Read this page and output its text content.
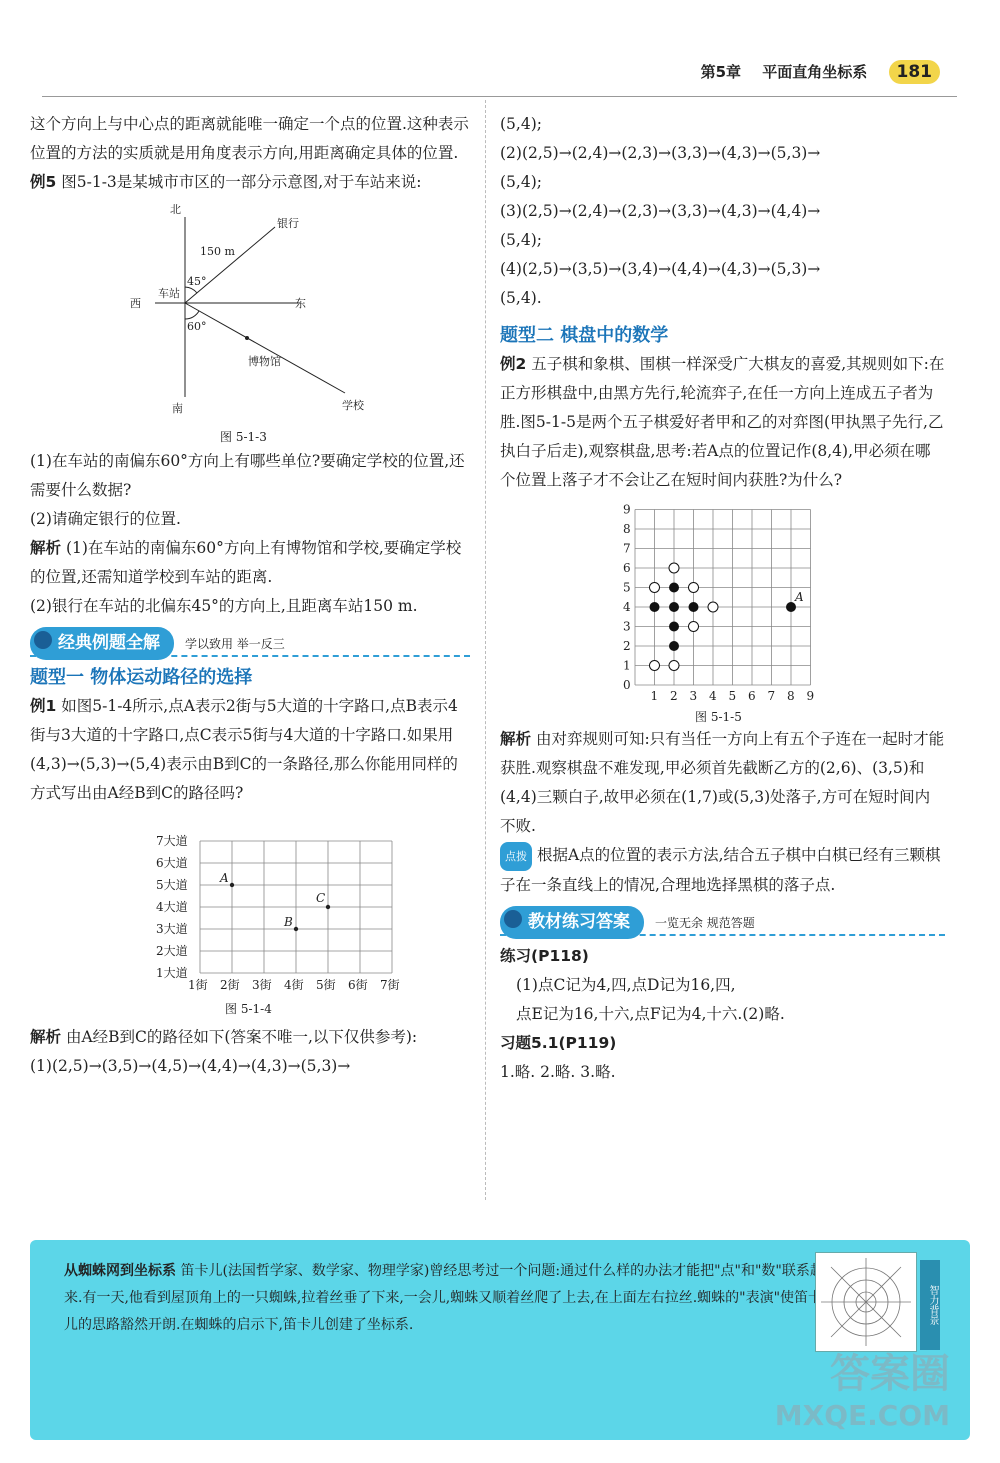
第5章 平面直角坐标系 181

这个方向上与中心点的距离就能唯一确定一个点的位置.这种表示位置的方法的实质就是用角度表示方向,用距离确定具体的位置.

例5 图5-1-3是某城市市区的一部分示意图,对于车站来说:

北
南
西	东
车站
银行
150 m
45°
60°
博物馆
学校
图 5-1-3

(1)在车站的南偏东60°方向上有哪些单位?要确定学校的位置,还需要什么数据?

(2)请确定银行的位置.

解析 (1)在车站的南偏东60°方向上有博物馆和学校,要确定学校的位置,还需知道学校到车站的距离.

(2)银行在车站的北偏东45°的方向上,且距离车站150 m.

经典例题全解 学以致用 举一反三

题型一 物体运动路径的选择

例1 如图5-1-4所示,点A表示2街与5大道的十字路口,点B表示4街与3大道的十字路口,点C表示5街与4大道的十字路口.如果用(4,3)→(5,3)→(5,4)表示由B到C的一条路径,那么你能用同样的方式写出由A经B到C的路径吗?

1大道
1街
2大道
2街
3大道
3街
4大道
4街
5大道
5街
6大道
6街
7大道
7街
A
B
C
图 5-1-4

解析 由A经B到C的路径如下(答案不唯一,以下仅供参考):

(1)(2,5)→(3,5)→(4,5)→(4,4)→(4,3)→(5,3)→

(5,4);

(2)(2,5)→(2,4)→(2,3)→(3,3)→(4,3)→(5,3)→

(5,4);

(3)(2,5)→(2,4)→(2,3)→(3,3)→(4,3)→(4,4)→

(5,4);

(4)(2,5)→(3,5)→(3,4)→(4,4)→(4,3)→(5,3)→

(5,4).

题型二 棋盘中的数学

例2 五子棋和象棋、围棋一样深受广大棋友的喜爱,其规则如下:在正方形棋盘中,由黑方先行,轮流弈子,在任一方向上连成五子者为胜.图5-1-5是两个五子棋爱好者甲和乙的对弈图(甲执黑子先行,乙执白子后走),观察棋盘,思考:若A点的位置记作(8,4),甲必须在哪个位置上落子才不会让乙在短时间内获胜?为什么?

0
1
1
2
2
3
3
4
4
5
5
6
6
7
7
8
8
9
9
A
图 5-1-5

解析 由对弈规则可知:只有当任一方向上有五个子连在一起时才能获胜.观察棋盘不难发现,甲必须首先截断乙方的(2,6)、(3,5)和(4,4)三颗白子,故甲必须在(1,7)或(5,3)处落子,方可在短时间内不败.

点拨 根据A点的位置的表示方法,结合五子棋中白棋已经有三颗棋子在一条直线上的情况,合理地选择黑棋的落子点.

教材练习答案 一览无余 规范答题

练习(P118)

(1)点C记为4,四,点D记为16,四,

点E记为16,十六,点F记为4,十六.(2)略.

习题5.1(P119)

1.略. 2.略. 3.略.

从蜘蛛网到坐标系 笛卡儿(法国哲学家、数学家、物理学家)曾经思考过一个问题:通过什么样的办法才能把"点"和"数"联系起来.有一天,他看到屋顶角上的一只蜘蛛,拉着丝垂了下来,一会儿,蜘蛛又顺着丝爬了上去,在上面左右拉丝.蜘蛛的"表演"使笛卡儿的思路豁然开朗.在蜘蛛的启示下,笛卡儿创建了坐标系.	智力背景
答案圈
MXQE.COM
